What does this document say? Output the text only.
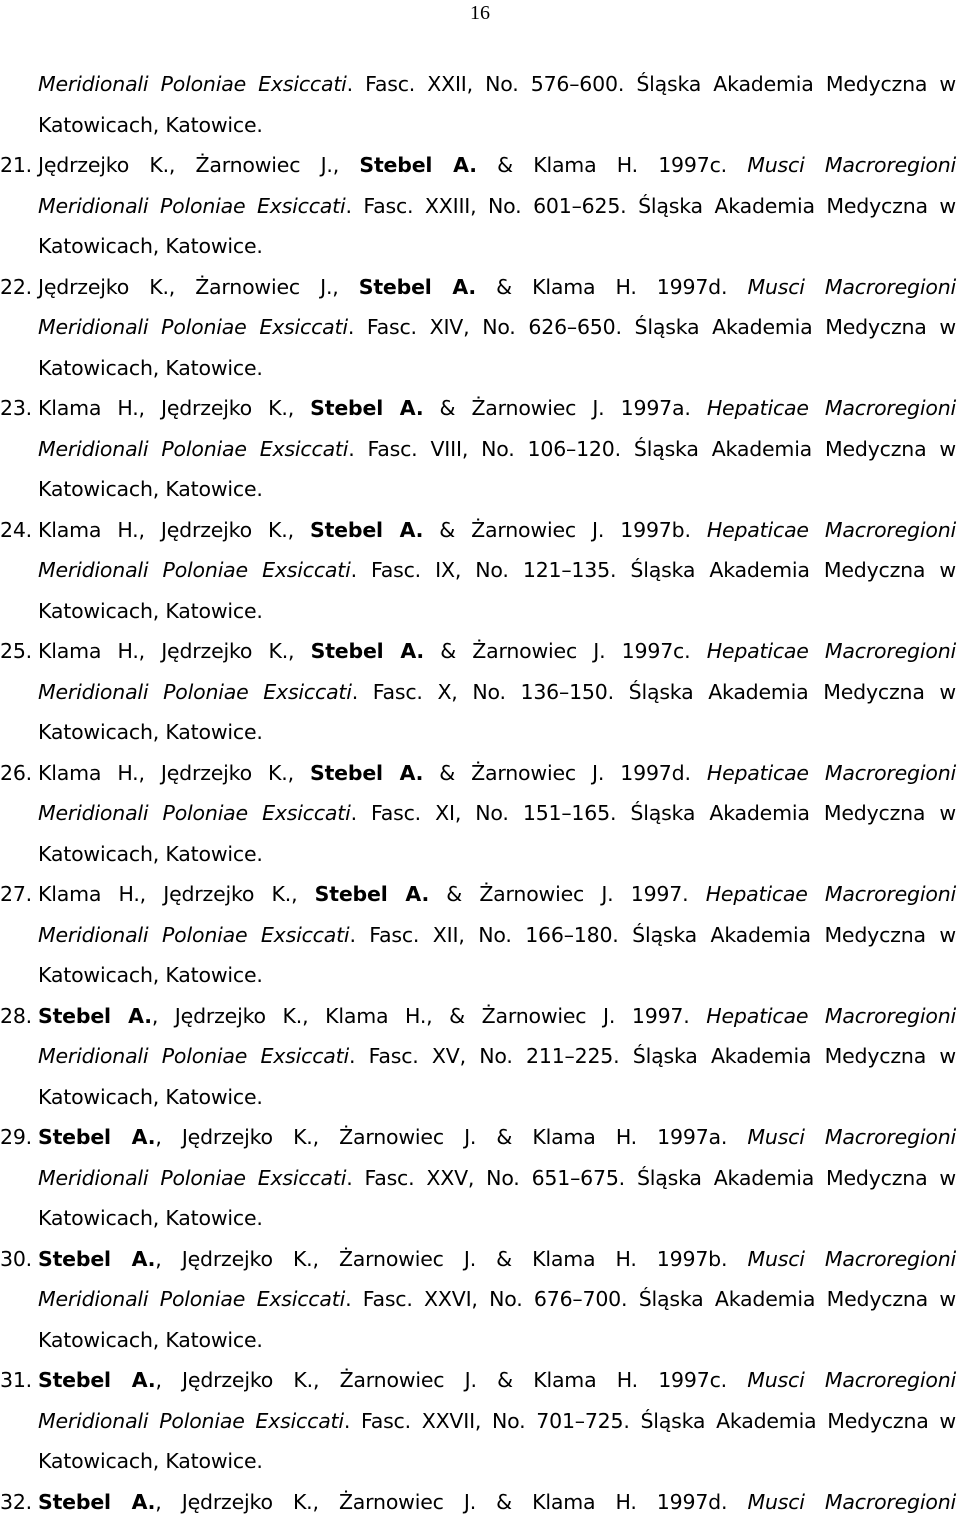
16
Meridionali Poloniae Exsiccati. Fasc. XXII, No. 576–600. Śląska Akademia Medyczna w
Katowicach, Katowice.
21. Jędrzejko K., Żarnowiec J., Stebel A. & Klama H. 1997c. Musci Macroregioni
Meridionali Poloniae Exsiccati. Fasc. XXIII, No. 601–625. Śląska Akademia Medyczna w
Katowicach, Katowice.
22. Jędrzejko K., Żarnowiec J., Stebel A. & Klama H. 1997d. Musci Macroregioni
Meridionali Poloniae Exsiccati. Fasc. XIV, No. 626–650. Śląska Akademia Medyczna w
Katowicach, Katowice.
23. Klama H., Jędrzejko K., Stebel A. & Żarnowiec J. 1997a. Hepaticae Macroregioni
Meridionali Poloniae Exsiccati. Fasc. VIII, No. 106–120. Śląska Akademia Medyczna w
Katowicach, Katowice.
24. Klama H., Jędrzejko K., Stebel A. & Żarnowiec J. 1997b. Hepaticae Macroregioni
Meridionali Poloniae Exsiccati. Fasc. IX, No. 121–135. Śląska Akademia Medyczna w
Katowicach, Katowice.
25. Klama H., Jędrzejko K., Stebel A. & Żarnowiec J. 1997c. Hepaticae Macroregioni
Meridionali Poloniae Exsiccati. Fasc. X, No. 136–150. Śląska Akademia Medyczna w
Katowicach, Katowice.
26. Klama H., Jędrzejko K., Stebel A. & Żarnowiec J. 1997d. Hepaticae Macroregioni
Meridionali Poloniae Exsiccati. Fasc. XI, No. 151–165. Śląska Akademia Medyczna w
Katowicach, Katowice.
27. Klama H., Jędrzejko K., Stebel A. & Żarnowiec J. 1997. Hepaticae Macroregioni
Meridionali Poloniae Exsiccati. Fasc. XII, No. 166–180. Śląska Akademia Medyczna w
Katowicach, Katowice.
28. Stebel A., Jędrzejko K., Klama H., & Żarnowiec J. 1997. Hepaticae Macroregioni
Meridionali Poloniae Exsiccati. Fasc. XV, No. 211–225. Śląska Akademia Medyczna w
Katowicach, Katowice.
29. Stebel A., Jędrzejko K., Żarnowiec J. & Klama H. 1997a. Musci Macroregioni
Meridionali Poloniae Exsiccati. Fasc. XXV, No. 651–675. Śląska Akademia Medyczna w
Katowicach, Katowice.
30. Stebel A., Jędrzejko K., Żarnowiec J. & Klama H. 1997b. Musci Macroregioni
Meridionali Poloniae Exsiccati. Fasc. XXVI, No. 676–700. Śląska Akademia Medyczna w
Katowicach, Katowice.
31. Stebel A., Jędrzejko K., Żarnowiec J. & Klama H. 1997c. Musci Macroregioni
Meridionali Poloniae Exsiccati. Fasc. XXVII, No. 701–725. Śląska Akademia Medyczna w
Katowicach, Katowice.
32. Stebel A., Jędrzejko K., Żarnowiec J. & Klama H. 1997d. Musci Macroregioni
